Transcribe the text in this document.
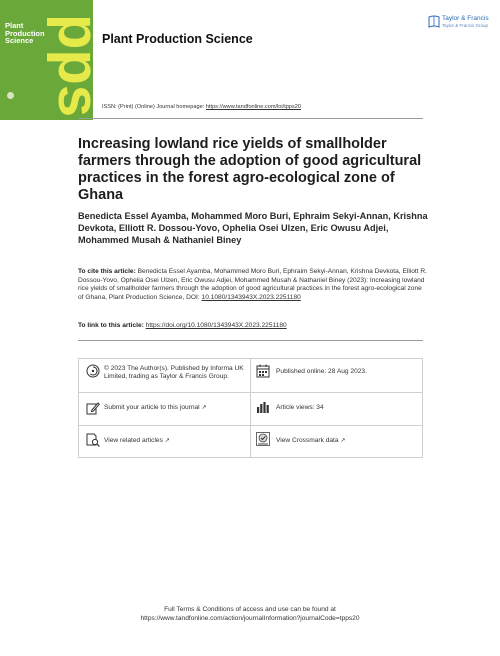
Plant
Production
Science pps
Plant Production Science
Taylor & Francis
Taylor & Francis Group
ISSN: (Print) (Online) Journal homepage: https://www.tandfonline.com/loi/tpps20
Increasing lowland rice yields of smallholder farmers through the adoption of good agricultural practices in the forest agro-ecological zone of Ghana

Benedicta Essel Ayamba, Mohammed Moro Buri, Ephraim Sekyi-Annan, Krishna Devkota, Elliott R. Dossou-Yovo, Ophelia Osei Ulzen, Eric Owusu Adjei, Mohammed Musah & Nathaniel Biney

To cite this article: Benedicta Essel Ayamba, Mohammed Moro Buri, Ephraim Sekyi-Annan, Krishna Devkota, Elliott R. Dossou-Yovo, Ophelia Osei Ulzen, Eric Owusu Adjei, Mohammed Musah & Nathaniel Biney (2023): Increasing lowland rice yields of smallholder farmers through the adoption of good agricultural practices in the forest agro-ecological zone of Ghana, Plant Production Science, DOI: 10.1080/1343943X.2023.2251180

To link to this article: https://doi.org/10.1080/1343943X.2023.2251180

© 2023 The Author(s). Published by Informa UK Limited, trading as Taylor & Francis Group.
Published online: 28 Aug 2023.
Submit your article to this journal ↗	Article views: 34
View related articles ↗	View Crossmark data ↗
Full Terms & Conditions of access and use can be found at
https://www.tandfonline.com/action/journalInformation?journalCode=tpps20
